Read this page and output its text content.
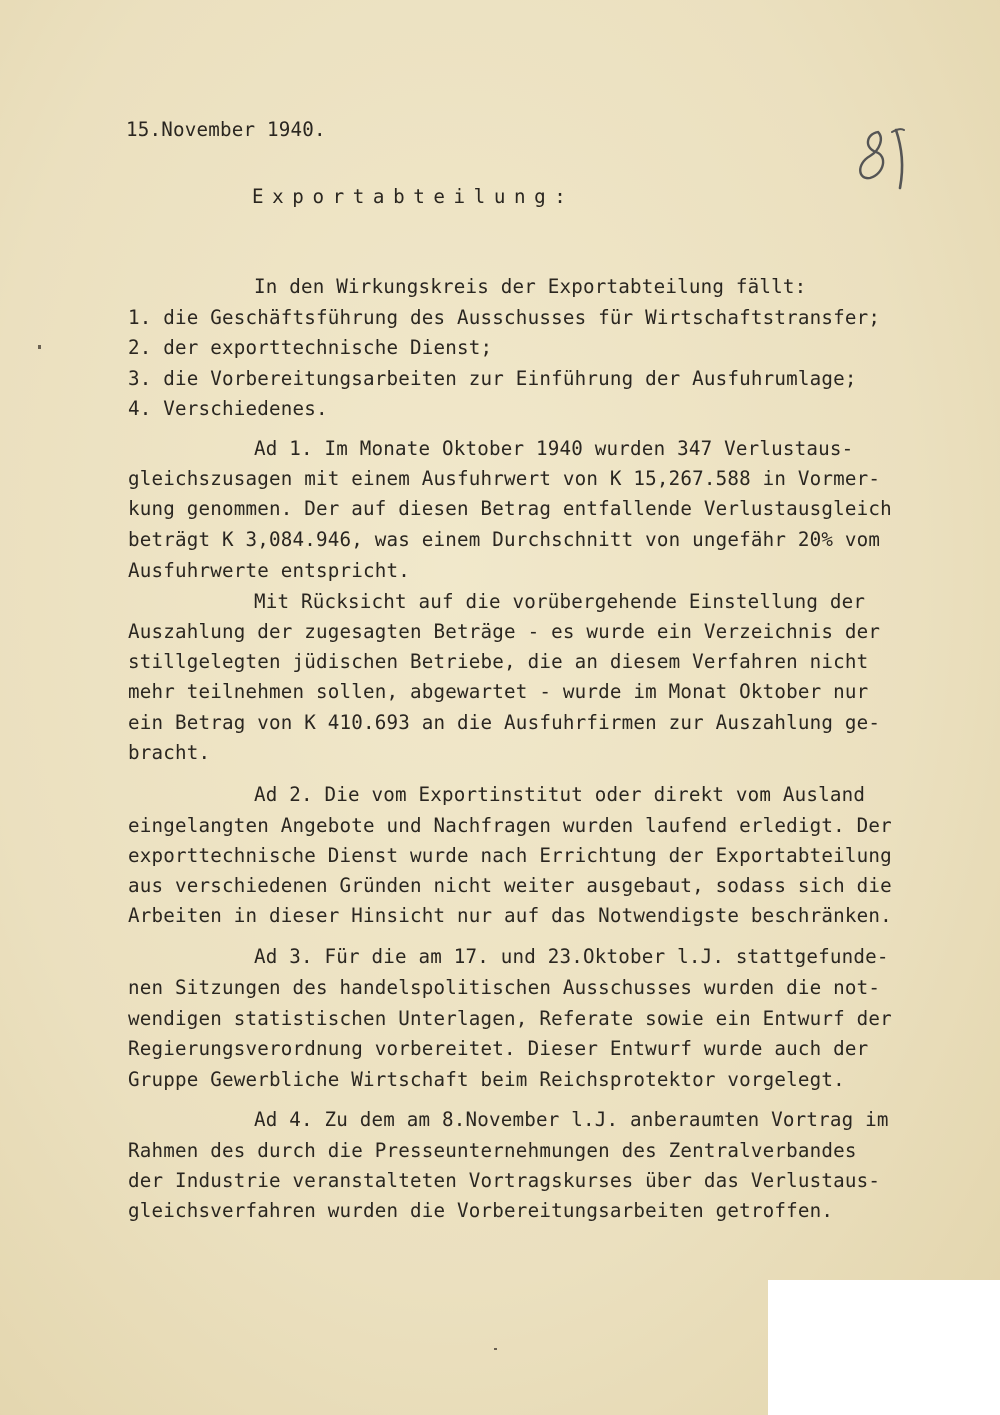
15.November 1940.
Exportabteilung:
In den Wirkungskreis der Exportabteilung fällt:
1. die Geschäftsführung des Ausschusses für Wirtschaftstransfer;
2. der exporttechnische Dienst;
3. die Vorbereitungsarbeiten zur Einführung der Ausfuhrumlage;
4. Verschiedenes.
Ad 1. Im Monate Oktober 1940 wurden 347 Verlustaus-
gleichszusagen mit einem Ausfuhrwert von K 15,267.588 in Vormer-
kung genommen. Der auf diesen Betrag entfallende Verlustausgleich
beträgt K 3,084.946, was einem Durchschnitt von ungefähr 20% vom
Ausfuhrwerte entspricht.
Mit Rücksicht auf die vorübergehende Einstellung der
Auszahlung der zugesagten Beträge - es wurde ein Verzeichnis der
stillgelegten jüdischen Betriebe, die an diesem Verfahren nicht
mehr teilnehmen sollen, abgewartet - wurde im Monat Oktober nur
ein Betrag von K 410.693 an die Ausfuhrfirmen zur Auszahlung ge-
bracht.
Ad 2. Die vom Exportinstitut oder direkt vom Ausland
eingelangten Angebote und Nachfragen wurden laufend erledigt. Der
exporttechnische Dienst wurde nach Errichtung der Exportabteilung
aus verschiedenen Gründen nicht weiter ausgebaut, sodass sich die
Arbeiten in dieser Hinsicht nur auf das Notwendigste beschränken.
Ad 3. Für die am 17. und 23.Oktober l.J. stattgefunde-
nen Sitzungen des handelspolitischen Ausschusses wurden die not-
wendigen statistischen Unterlagen, Referate sowie ein Entwurf der
Regierungsverordnung vorbereitet. Dieser Entwurf wurde auch der
Gruppe Gewerbliche Wirtschaft beim Reichsprotektor vorgelegt.
Ad 4. Zu dem am 8.November l.J. anberaumten Vortrag im
Rahmen des durch die Presseunternehmungen des Zentralverbandes
der Industrie veranstalteten Vortragskurses über das Verlustaus-
gleichsverfahren wurden die Vorbereitungsarbeiten getroffen.
